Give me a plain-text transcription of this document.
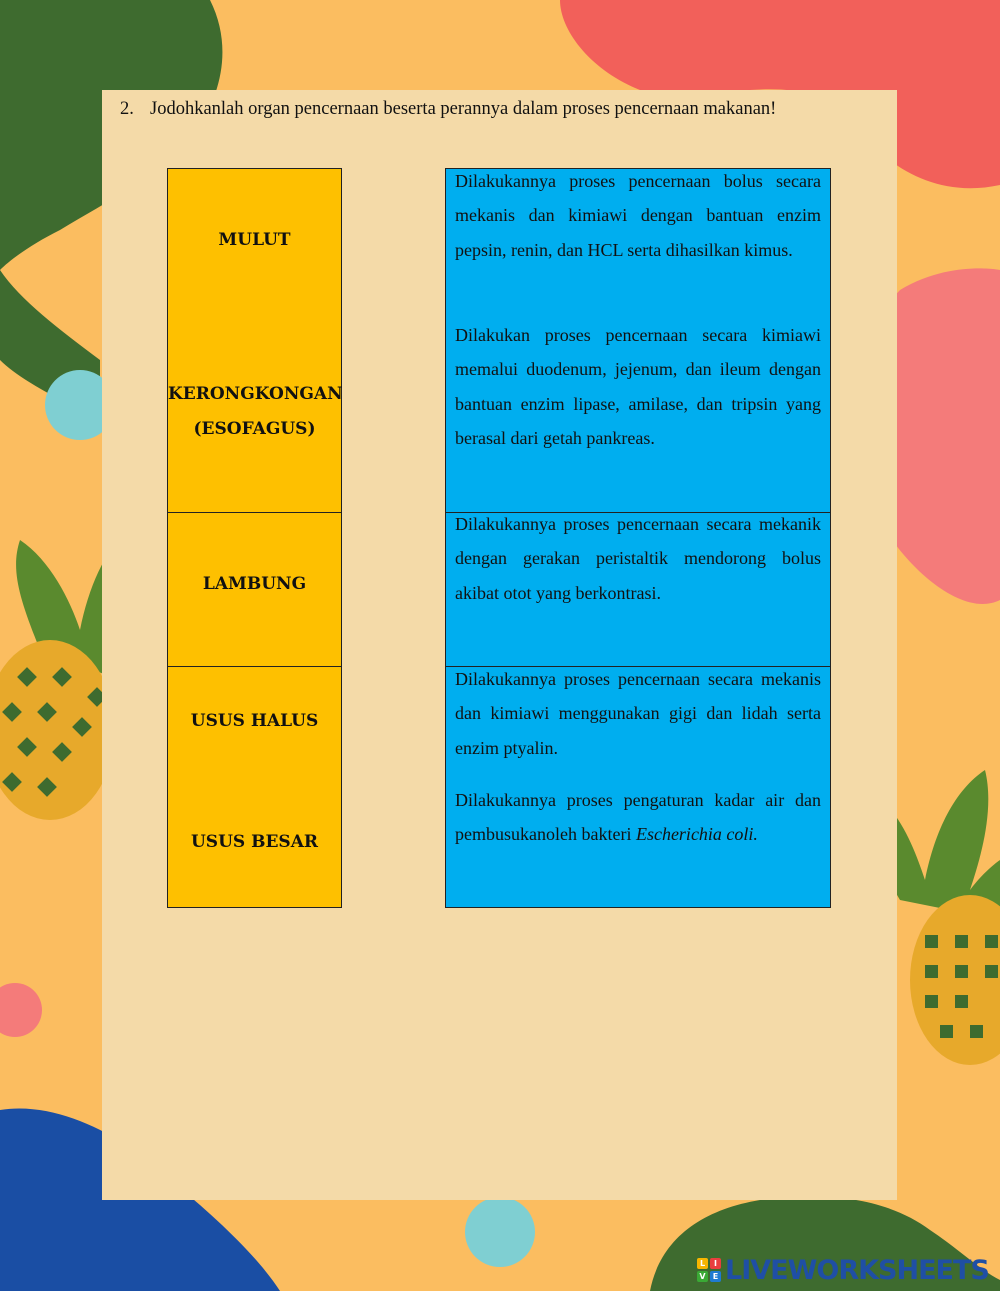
2. Jodohkanlah organ pencernaan beserta perannya dalam proses pencernaan makanan!

MULUT

KERONGKONGAN

(ESOFAGUS)

LAMBUNG

USUS HALUS

USUS BESAR

Dilakukannya proses pencernaan bolus secara mekanis dan kimiawi dengan bantuan enzim pepsin, renin, dan HCL serta dihasilkan kimus.

Dilakukan proses pencernaan secara kimiawi memalui duodenum, jejenum, dan ileum dengan bantuan enzim lipase, amilase, dan tripsin yang berasal dari getah pankreas.

Dilakukannya proses pencernaan secara mekanik dengan gerakan peristaltik mendorong bolus akibat otot yang berkontrasi.

Dilakukannya proses pencernaan secara mekanis dan kimiawi menggunakan gigi dan lidah serta enzim ptyalin.

Dilakukannya proses pengaturan kadar air dan pembusukanoleh bakteri Escherichia coli.

L	I
V E LIVEWORKSHEETS
